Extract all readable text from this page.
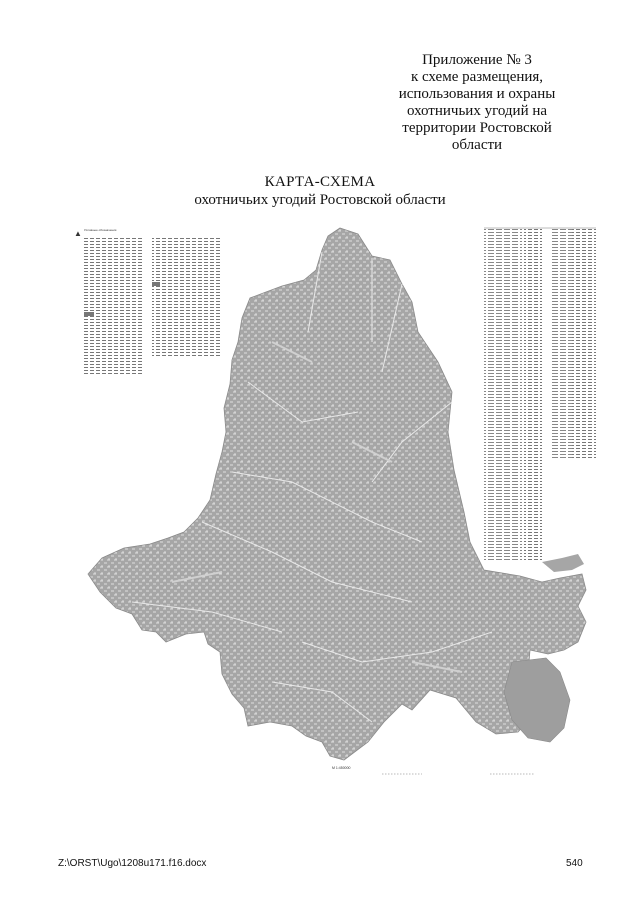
Приложение № 3
к схеме размещения,
использования и охраны
охотничьих угодий на
территории Ростовской
области
КАРТА-СХЕМА
охотничьих угодий Ростовской области
▲ Условные обозначения
М 1:450000
Z:\ORST\Ugo\1208u171.f16.docx	540
